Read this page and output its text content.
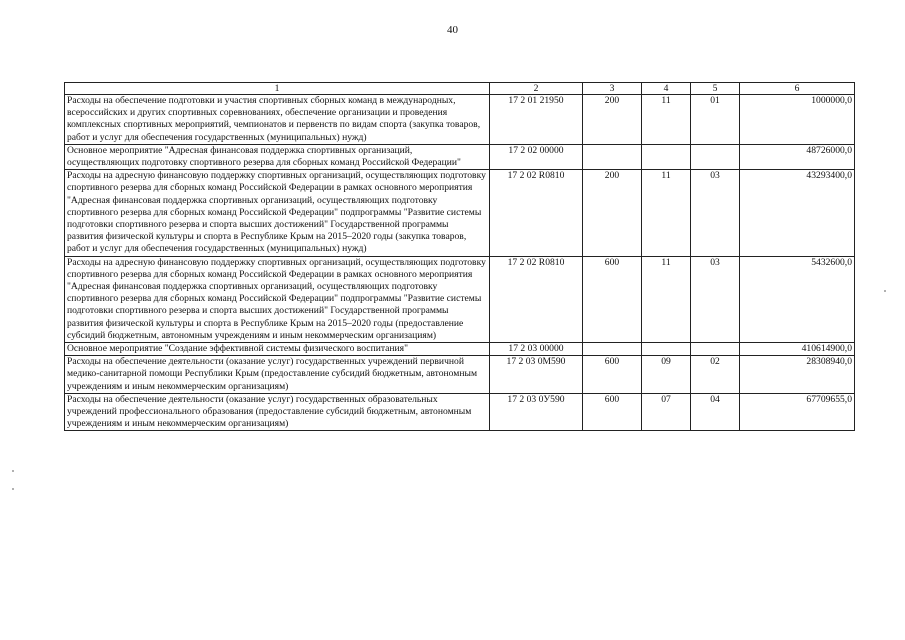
40
1	2	3	4	5	6
Расходы на обеспечение подготовки и участия спортивных сборных команд в международных, всероссийских и других спортивных соревнованиях, обеспечение организации и проведения комплексных спортивных мероприятий, чемпионатов и первенств по видам спорта (закупка товаров, работ и услуг для обеспечения государственных (муниципальных) нужд)	17 2 01 21950	200	11	01	1000000,0
Основное мероприятие "Адресная финансовая поддержка спортивных организаций, осуществляющих подготовку спортивного резерва для сборных команд Российской Федерации"	17 2 02 00000				48726000,0
Расходы на адресную финансовую поддержку спортивных организаций, осуществляющих подготовку спортивного резерва для сборных команд Российской Федерации в рамках основного мероприятия "Адресная финансовая поддержка спортивных организаций, осуществляющих подготовку спортивного резерва для сборных команд Российской Федерации" подпрограммы "Развитие системы подготовки спортивного резерва и спорта высших достижений" Государственной программы развития физической культуры и спорта в Республике Крым на 2015–2020 годы (закупка товаров, работ и услуг для обеспечения государственных (муниципальных) нужд)	17 2 02 R0810	200	11	03	43293400,0
Расходы на адресную финансовую поддержку спортивных организаций, осуществляющих подготовку спортивного резерва для сборных команд Российской Федерации в рамках основного мероприятия "Адресная финансовая поддержка спортивных организаций, осуществляющих подготовку спортивного резерва для сборных команд Российской Федерации" подпрограммы "Развитие системы подготовки спортивного резерва и спорта высших достижений" Государственной программы развития физической культуры и спорта в Республике Крым на 2015–2020 годы (предоставление субсидий бюджетным, автономным учреждениям и иным некоммерческим организациям)	17 2 02 R0810	600	11	03	5432600,0
Основное мероприятие "Создание эффективной системы физического воспитания"	17 2 03 00000				410614900,0
Расходы на обеспечение деятельности (оказание услуг) государственных учреждений первичной медико-санитарной помощи Республики Крым (предоставление субсидий бюджетным, автономным учреждениям и иным некоммерческим организациям)	17 2 03 0М590	600	09	02	28308940,0
Расходы на обеспечение деятельности (оказание услуг) государственных образовательных учреждений профессионального образования (предоставление субсидий бюджетным, автономным учреждениям и иным некоммерческим организациям)	17 2 03 0У590	600	07	04	67709655,0
